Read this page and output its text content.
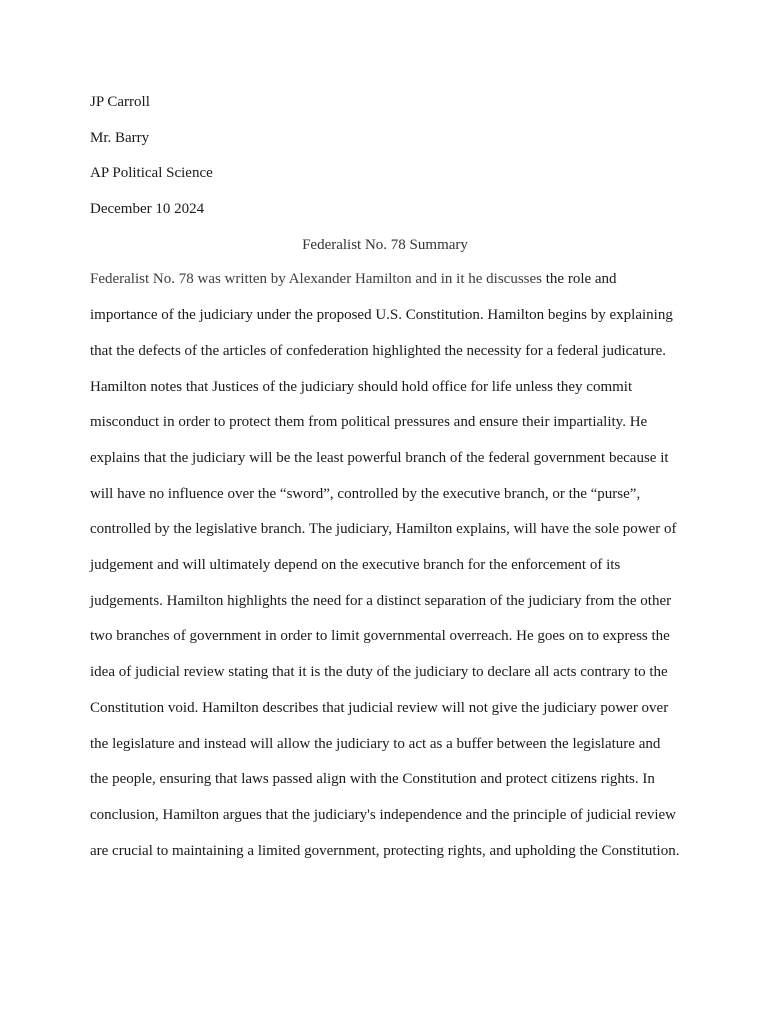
JP Carroll
Mr. Barry
AP Political Science
December 10 2024
Federalist No. 78 Summary

Federalist No. 78 was written by Alexander Hamilton and in it he discusses the role and importance of the judiciary under the proposed U.S. Constitution. Hamilton begins by explaining that the defects of the articles of confederation highlighted the necessity for a federal judicature. Hamilton notes that Justices of the judiciary should hold office for life unless they commit misconduct in order to protect them from political pressures and ensure their impartiality. He explains that the judiciary will be the least powerful branch of the federal government because it will have no influence over the “sword”, controlled by the executive branch, or the “purse”, controlled by the legislative branch. The judiciary, Hamilton explains, will have the sole power of judgement and will ultimately depend on the executive branch for the enforcement of its judgements. Hamilton highlights the need for a distinct separation of the judiciary from the other two branches of government in order to limit governmental overreach. He goes on to express the idea of judicial review stating that it is the duty of the judiciary to declare all acts contrary to the Constitution void. Hamilton describes that judicial review will not give the judiciary power over the legislature and instead will allow the judiciary to act as a buffer between the legislature and the people, ensuring that laws passed align with the Constitution and protect citizens rights. In conclusion, Hamilton argues that the judiciary's independence and the principle of judicial review are crucial to maintaining a limited government, protecting rights, and upholding the Constitution.
